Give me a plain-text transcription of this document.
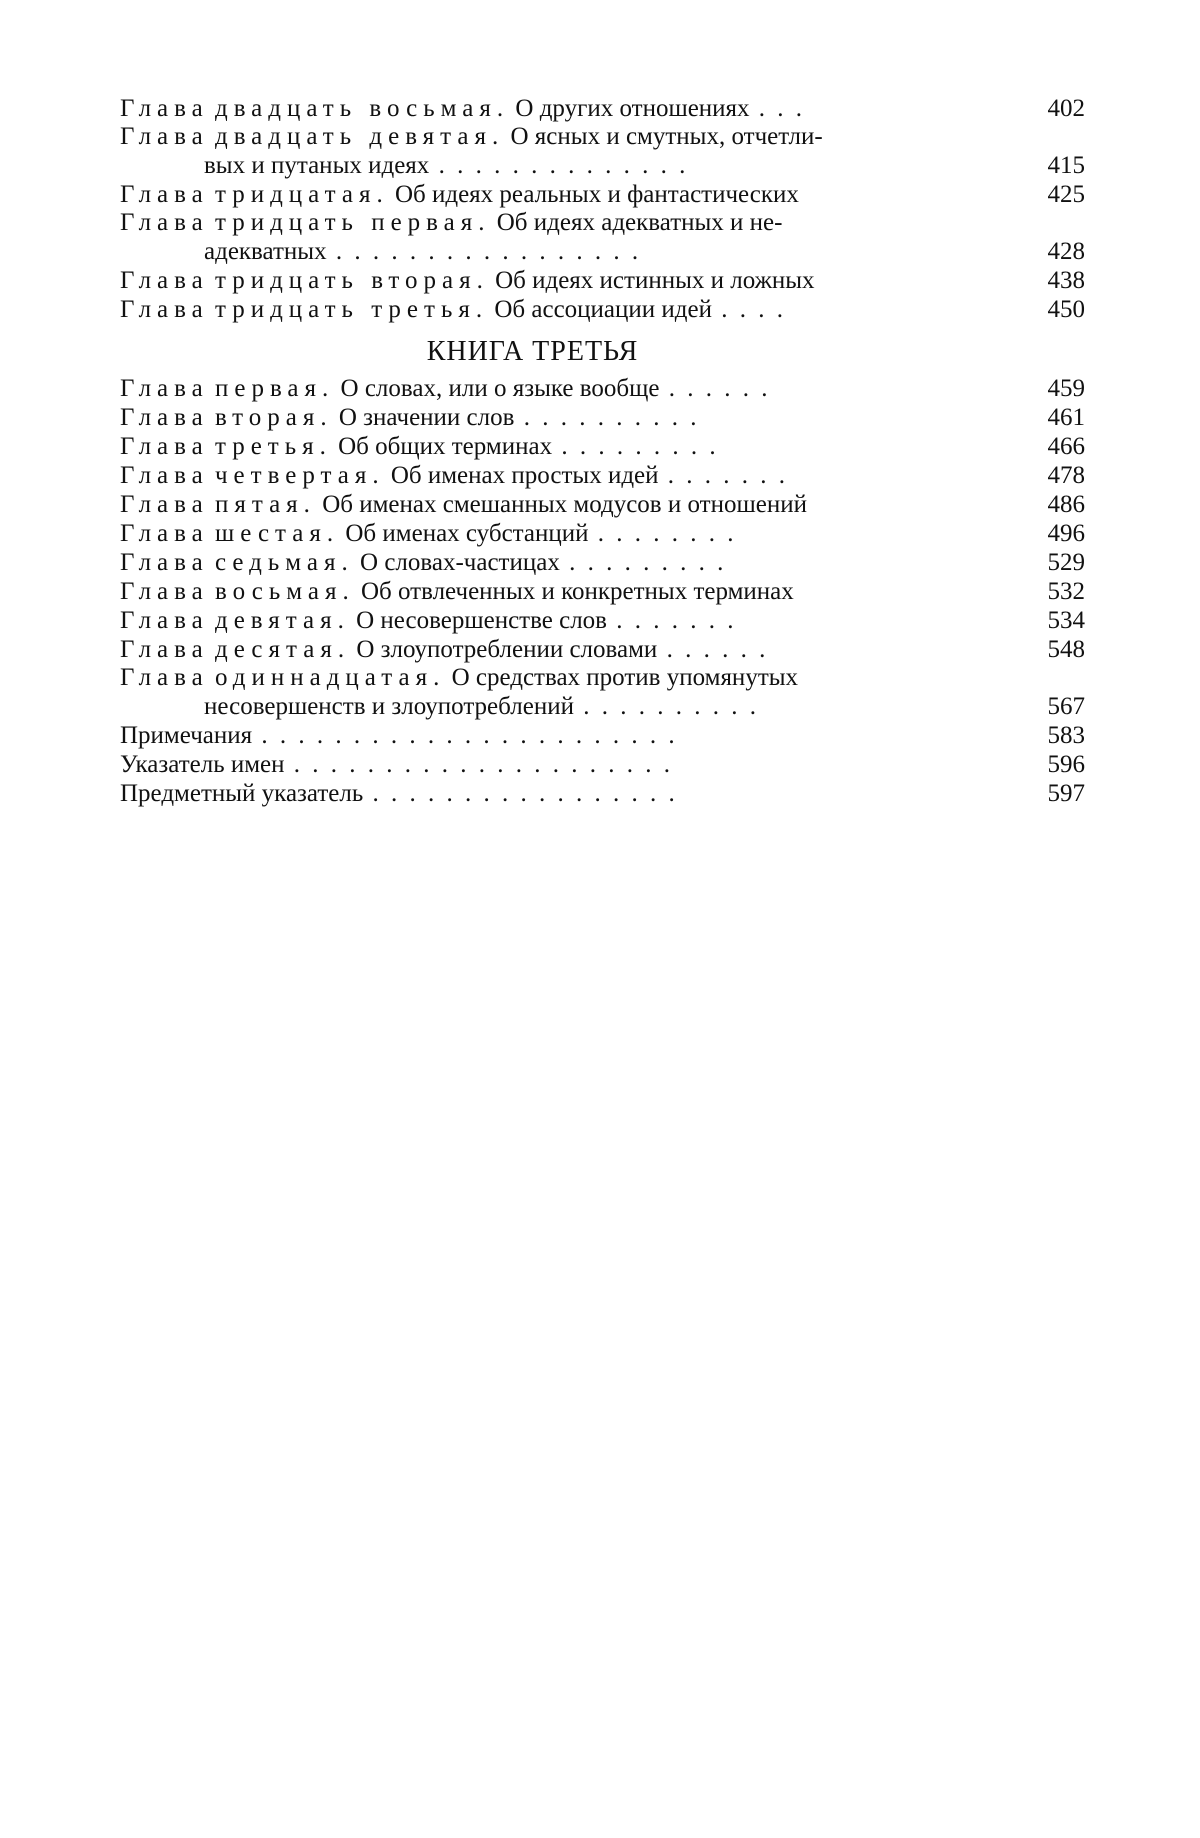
Глава двадцать восьмая. О других отношениях . . .	402
Глава двадцать девятая. О ясных и смутных, отчетли-
вых и путаных идеях . . . . . . . . . . . . . .	415
Глава тридцатая. Об идеях реальных и фантастических	425
Глава тридцать первая. Об идеях адекватных и не-
адекватных . . . . . . . . . . . . . . . . .	428
Глава тридцать вторая. Об идеях истинных и ложных	438
Глава тридцать третья. Об ассоциации идей . . . .	450
КНИГА ТРЕТЬЯ
Глава первая. О словах, или о языке вообще . . . . . .	459
Глава вторая. О значении слов . . . . . . . . . .	461
Глава третья. Об общих терминах . . . . . . . . .	466
Глава четвертая. Об именах простых идей . . . . . . .	478
Глава пятая. Об именах смешанных модусов и отношений	486
Глава шестая. Об именах субстанций . . . . . . . .	496
Глава седьмая. О словах-частицах . . . . . . . . .	529
Глава восьмая. Об отвлеченных и конкретных терминах	532
Глава девятая. О несовершенстве слов . . . . . . .	534
Глава десятая. О злоупотреблении словами . . . . . .	548
Глава одиннадцатая. О средствах против упомянутых
несовершенств и злоупотреблений . . . . . . . . . .	567
Примечания . . . . . . . . . . . . . . . . . . . . . . .	583
Указатель имен . . . . . . . . . . . . . . . . . . . . .	596
Предметный указатель . . . . . . . . . . . . . . . . .	597
